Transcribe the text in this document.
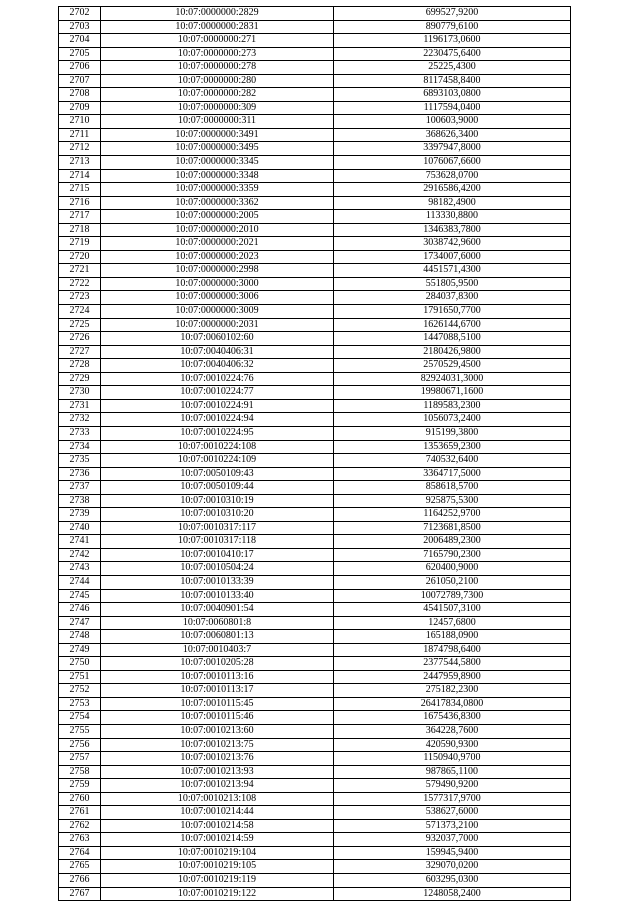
2702	10:07:0000000:2829	699527,9200
2703	10:07:0000000:2831	890779,6100
2704	10:07:0000000:271	1196173,0600
2705	10:07:0000000:273	2230475,6400
2706	10:07:0000000:278	25225,4300
2707	10:07:0000000:280	8117458,8400
2708	10:07:0000000:282	6893103,0800
2709	10:07:0000000:309	1117594,0400
2710	10:07:0000000:311	100603,9000
2711	10:07:0000000:3491	368626,3400
2712	10:07:0000000:3495	3397947,8000
2713	10:07:0000000:3345	1076067,6600
2714	10:07:0000000:3348	753628,0700
2715	10:07:0000000:3359	2916586,4200
2716	10:07:0000000:3362	98182,4900
2717	10:07:0000000:2005	113330,8800
2718	10:07:0000000:2010	1346383,7800
2719	10:07:0000000:2021	3038742,9600
2720	10:07:0000000:2023	1734007,6000
2721	10:07:0000000:2998	4451571,4300
2722	10:07:0000000:3000	551805,9500
2723	10:07:0000000:3006	284037,8300
2724	10:07:0000000:3009	1791650,7700
2725	10:07:0000000:2031	1626144,6700
2726	10:07:0060102:60	1447088,5100
2727	10:07:0040406:31	2180426,9800
2728	10:07:0040406:32	2570529,4500
2729	10:07:0010224:76	82924031,3000
2730	10:07:0010224:77	19980671,1600
2731	10:07:0010224:91	1189583,2300
2732	10:07:0010224:94	1056073,2400
2733	10:07:0010224:95	915199,3800
2734	10:07:0010224:108	1353659,2300
2735	10:07:0010224:109	740532,6400
2736	10:07:0050109:43	3364717,5000
2737	10:07:0050109:44	858618,5700
2738	10:07:0010310:19	925875,5300
2739	10:07:0010310:20	1164252,9700
2740	10:07:0010317:117	7123681,8500
2741	10:07:0010317:118	2006489,2300
2742	10:07:0010410:17	7165790,2300
2743	10:07:0010504:24	620400,9000
2744	10:07:0010133:39	261050,2100
2745	10:07:0010133:40	10072789,7300
2746	10:07:0040901:54	4541507,3100
2747	10:07:0060801:8	12457,6800
2748	10:07:0060801:13	165188,0900
2749	10:07:0010403:7	1874798,6400
2750	10:07:0010205:28	2377544,5800
2751	10:07:0010113:16	2447959,8900
2752	10:07:0010113:17	275182,2300
2753	10:07:0010115:45	26417834,0800
2754	10:07:0010115:46	1675436,8300
2755	10:07:0010213:60	364228,7600
2756	10:07:0010213:75	420590,9300
2757	10:07:0010213:76	1150940,9700
2758	10:07:0010213:93	987865,1100
2759	10:07:0010213:94	579490,9200
2760	10:07:0010213:108	1577317,9700
2761	10:07:0010214:44	538627,6000
2762	10:07:0010214:58	571373,2100
2763	10:07:0010214:59	932037,7000
2764	10:07:0010219:104	159945,9400
2765	10:07:0010219:105	329070,0200
2766	10:07:0010219:119	603295,0300
2767	10:07:0010219:122	1248058,2400
